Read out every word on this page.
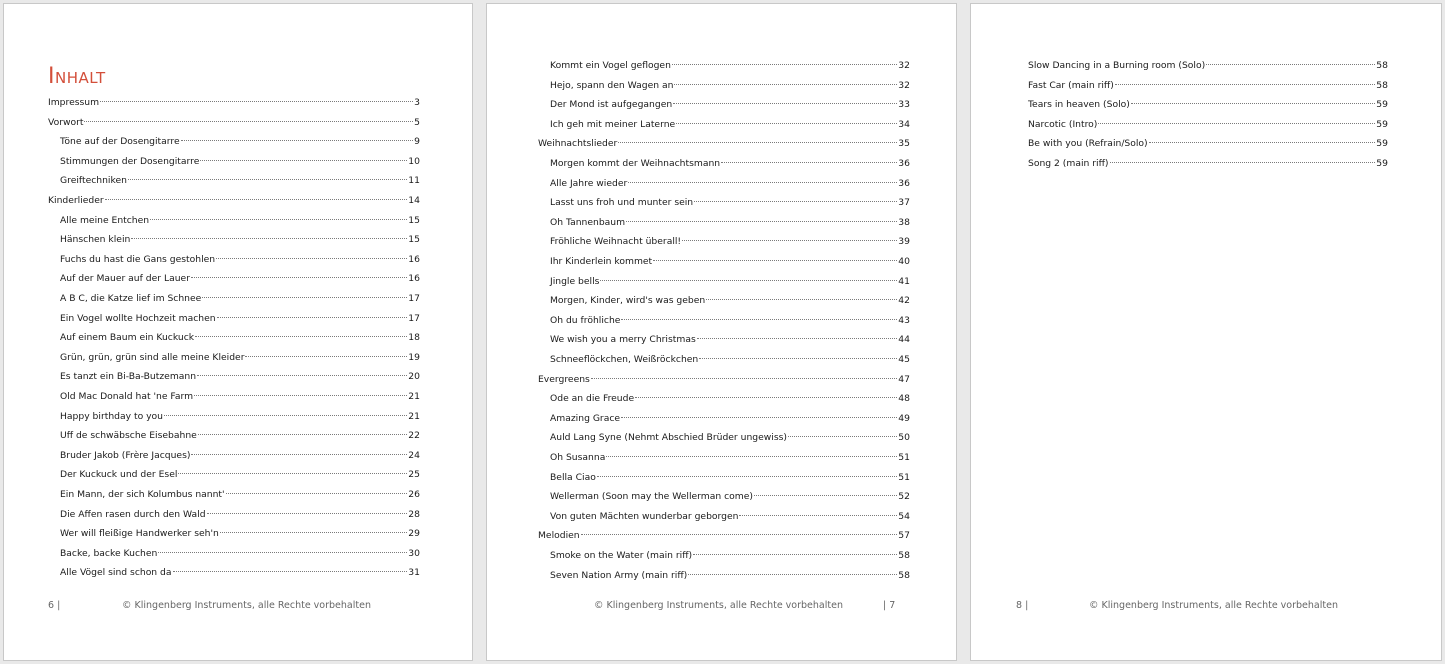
Inhalt
Impressum	3
Vorwort	5
Töne auf der Dosengitarre	9
Stimmungen der Dosengitarre	10
Greiftechniken	11
Kinderlieder	14
Alle meine Entchen	15
Hänschen klein	15
Fuchs du hast die Gans gestohlen	16
Auf der Mauer auf der Lauer	16
A B C, die Katze lief im Schnee	17
Ein Vogel wollte Hochzeit machen	17
Auf einem Baum ein Kuckuck	18
Grün, grün, grün sind alle meine Kleider	19
Es tanzt ein Bi-Ba-Butzemann	20
Old Mac Donald hat 'ne Farm	21
Happy birthday to you	21
Uff de schwäbsche Eisebahne	22
Bruder Jakob (Frère Jacques)	24
Der Kuckuck und der Esel	25
Ein Mann, der sich Kolumbus nannt'	26
Die Affen rasen durch den Wald	28
Wer will fleißige Handwerker seh'n	29
Backe, backe Kuchen	30
Alle Vögel sind schon da	31
6 |	© Klingenberg Instruments, alle Rechte vorbehalten
Kommt ein Vogel geflogen	32
Hejo, spann den Wagen an	32
Der Mond ist aufgegangen	33
Ich geh mit meiner Laterne	34
Weihnachtslieder	35
Morgen kommt der Weihnachtsmann	36
Alle Jahre wieder	36
Lasst uns froh und munter sein	37
Oh Tannenbaum	38
Fröhliche Weihnacht überall!	39
Ihr Kinderlein kommet	40
Jingle bells	41
Morgen, Kinder, wird's was geben	42
Oh du fröhliche	43
We wish you a merry Christmas	44
Schneeflöckchen, Weißröckchen	45
Evergreens	47
Ode an die Freude	48
Amazing Grace	49
Auld Lang Syne (Nehmt Abschied Brüder ungewiss)	50
Oh Susanna	51
Bella Ciao	51
Wellerman (Soon may the Wellerman come)	52
Von guten Mächten wunderbar geborgen	54
Melodien	57
Smoke on the Water (main riff)	58
Seven Nation Army (main riff)	58
© Klingenberg Instruments, alle Rechte vorbehalten	| 7
Slow Dancing in a Burning room (Solo)	58
Fast Car (main riff)	58
Tears in heaven (Solo)	59
Narcotic (Intro)	59
Be with you (Refrain/Solo)	59
Song 2 (main riff)	59
8 |	© Klingenberg Instruments, alle Rechte vorbehalten
